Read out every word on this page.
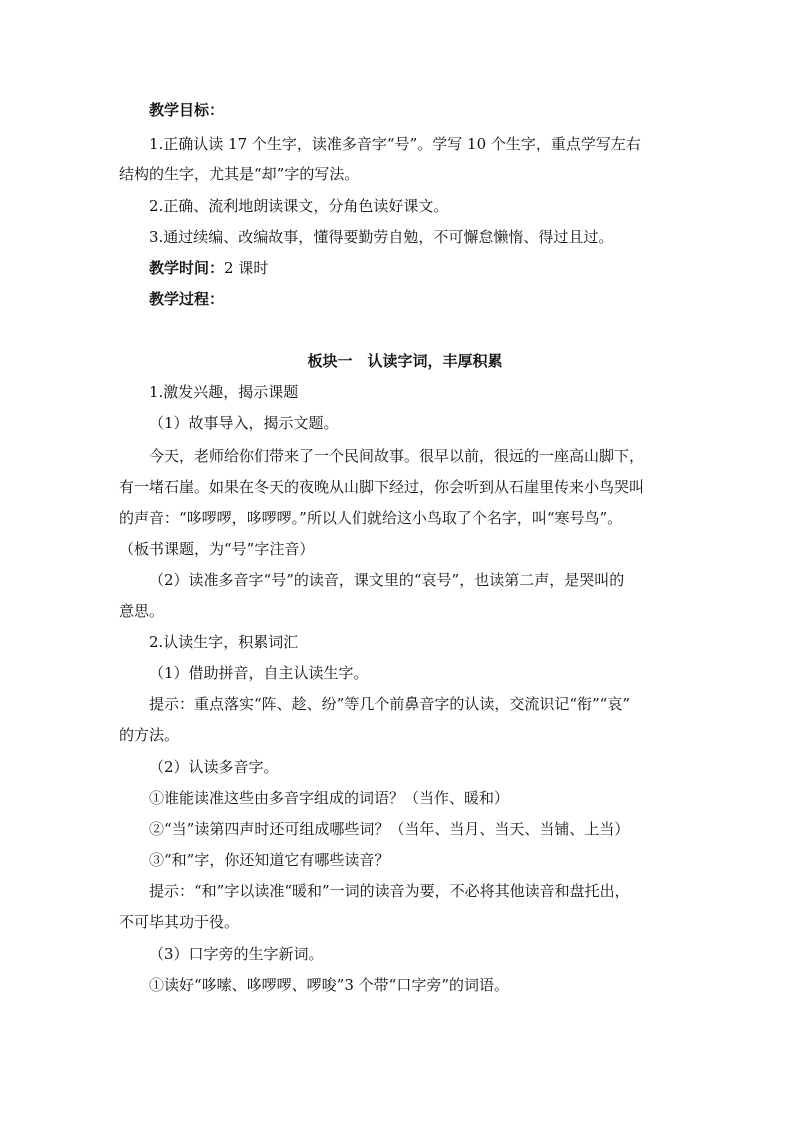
教学目标：
1.正确认读 17 个生字，读准多音字“号”。学写 10 个生字，重点学写左右
结构的生字，尤其是“却”字的写法。
2.正确、流利地朗读课文，分角色读好课文。
3.通过续编、改编故事，懂得要勤劳自勉，不可懈怠懒惰、得过且过。
教学时间：2 课时
教学过程：
板块一　认读字词，丰厚积累
1.激发兴趣，揭示课题
（1）故事导入，揭示文题。
今天，老师给你们带来了一个民间故事。很早以前，很远的一座高山脚下，
有一堵石崖。如果在冬天的夜晚从山脚下经过，你会听到从石崖里传来小鸟哭叫
的声音：“哆啰啰，哆啰啰。”所以人们就给这小鸟取了个名字，叫“寒号鸟”。
（板书课题，为“号”字注音）
（2）读准多音字“号”的读音，课文里的“哀号”，也读第二声，是哭叫的
意思。
2.认读生字，积累词汇
（1）借助拼音，自主认读生字。
提示：重点落实“阵、趁、纷”等几个前鼻音字的认读，交流识记“衔”“哀”
的方法。
（2）认读多音字。
①谁能读准这些由多音字组成的词语？（当作、暖和）
②“当”读第四声时还可组成哪些词？（当年、当月、当天、当铺、上当）
③“和”字，你还知道它有哪些读音？
提示：“和”字以读准“暖和”一词的读音为要，不必将其他读音和盘托出，
不可毕其功于役。
（3）口字旁的生字新词。
①读好“哆嗦、哆啰啰、啰唆”3 个带“口字旁”的词语。
